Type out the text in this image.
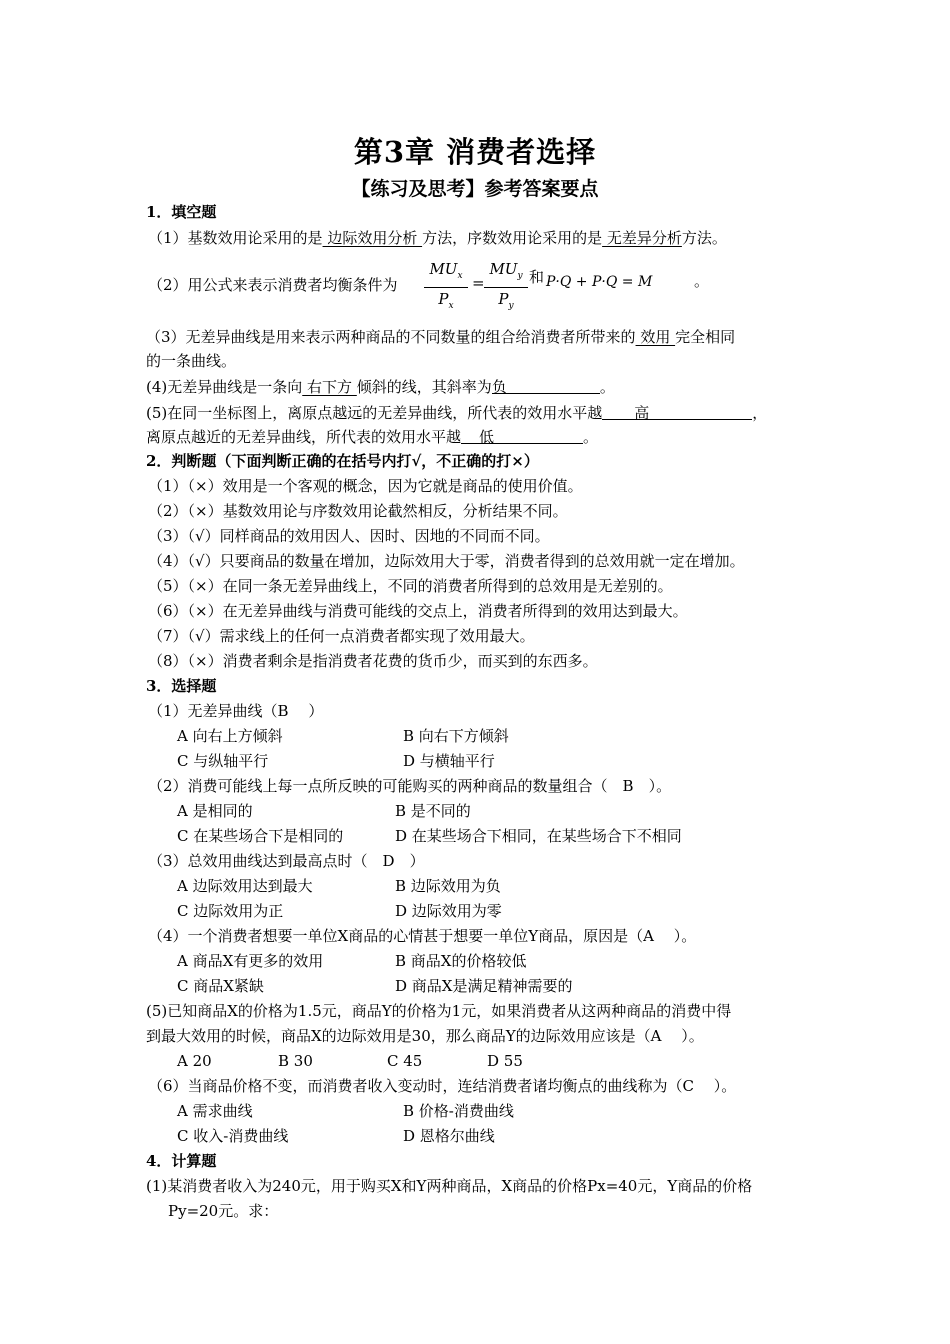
第3章 消费者选择
【练习及思考】参考答案要点
1．填空题
（1）基数效用论采用的是 边际效用分析 方法，序数效用论采用的是 无差异分析方法。
（2）用公式来表示消费者均衡条件为
$MU_x$
$P_x$
=
$MU_y$
$P_y$
和 P·Q + P·Q = M	。
（3）无差异曲线是用来表示两种商品的不同数量的组合给消费者所带来的 效用 完全相同
的一条曲线。
(4)无差异曲线是一条向 右下方 倾斜的线，其斜率为负	。
(5)在同一坐标图上，离原点越远的无差异曲线，所代表的效用水平越 高	，
离原点越近的无差异曲线，所代表的效用水平越 低	。
2．判断题（下面判断正确的在括号内打√，不正确的打×）
（1）（×）效用是一个客观的概念，因为它就是商品的使用价值。
（2）（×）基数效用论与序数效用论截然相反，分析结果不同。
（3）（√）同样商品的效用因人、因时、因地的不同而不同。
（4）（√）只要商品的数量在增加，边际效用大于零，消费者得到的总效用就一定在增加。
（5）（×）在同一条无差异曲线上，不同的消费者所得到的总效用是无差别的。
（6）（×）在无差异曲线与消费可能线的交点上，消费者所得到的效用达到最大。
（7）（√）需求线上的任何一点消费者都实现了效用最大。
（8）（×）消费者剩余是指消费者花费的货币少，而买到的东西多。
3．选择题
（1）无差异曲线（B　 ）
A 向右上方倾斜	B 向右下方倾斜
C 与纵轴平行	D 与横轴平行
（2）消费可能线上每一点所反映的可能购买的两种商品的数量组合（　B　）。
A 是相同的	B 是不同的
C 在某些场合下是相同的	D 在某些场合下相同，在某些场合下不相同
（3）总效用曲线达到最高点时（　D　）
A 边际效用达到最大	B 边际效用为负
C 边际效用为正	D 边际效用为零
（4）一个消费者想要一单位X商品的心情甚于想要一单位Y商品，原因是（A　 ）。
A 商品X有更多的效用	B 商品X的价格较低
C 商品X紧缺	D 商品X是满足精神需要的
(5)已知商品X的价格为1.5元，商品Y的价格为1元，如果消费者从这两种商品的消费中得
到最大效用的时候，商品X的边际效用是30，那么商品Y的边际效用应该是（A　 ）。
A 20	B 30	C 45	D 55
（6）当商品价格不变，而消费者收入变动时，连结消费者诸均衡点的曲线称为（C　 ）。
A 需求曲线	B 价格-消费曲线
C 收入-消费曲线	D 恩格尔曲线
4．计算题
(1)某消费者收入为240元，用于购买X和Y两种商品，X商品的价格Px=40元，Y商品的价格
Py=20元。求：
